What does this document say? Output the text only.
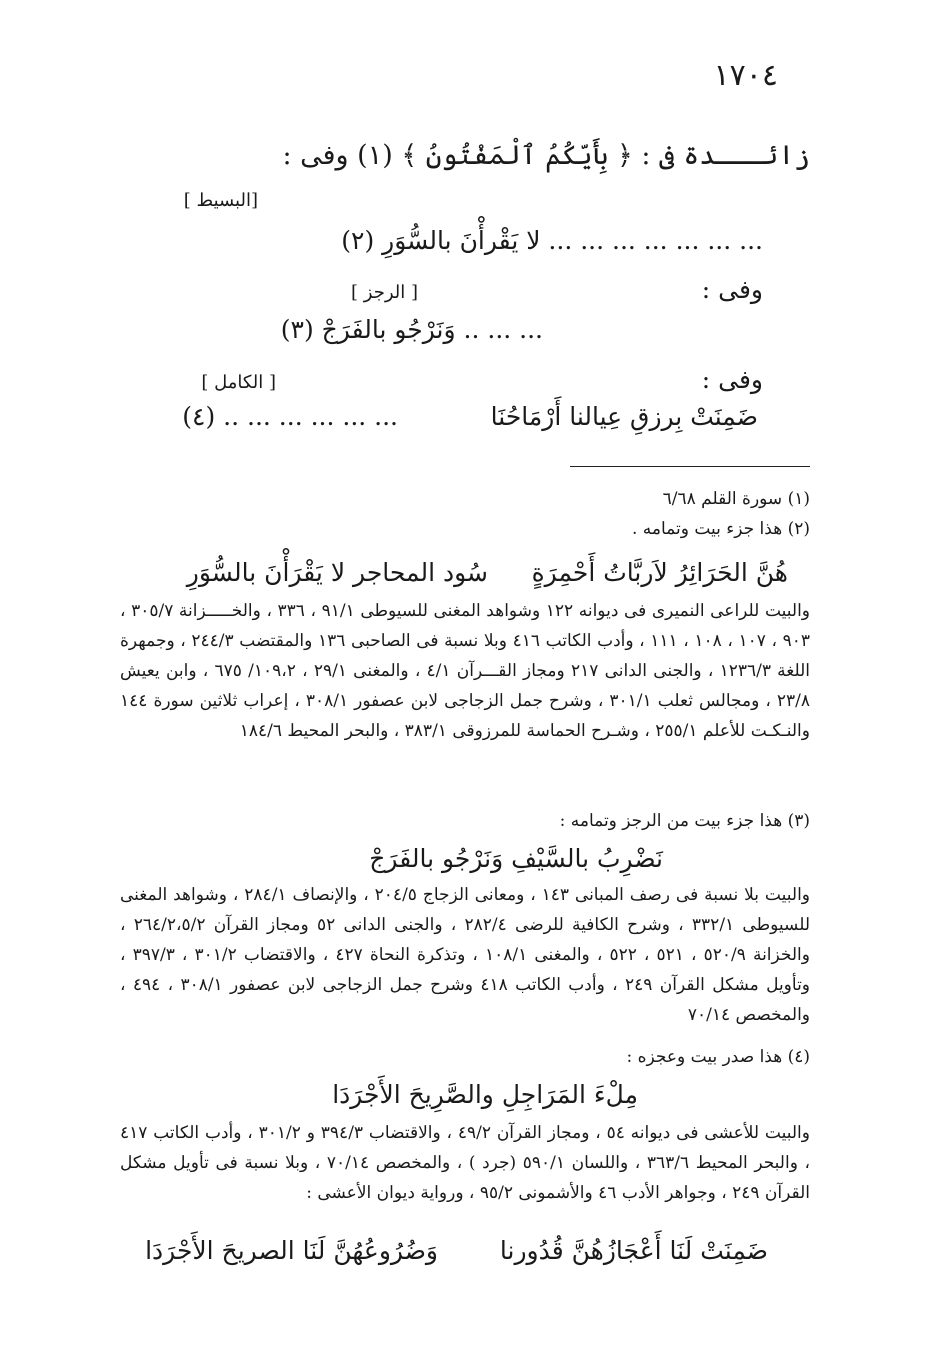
١٧٠٤
زائـــدة فى : ﴿ بِأَيّكُمُ ٱلْمَفْتُونُ ﴾ (١) وفى :
[البسيط ]
... ... ... ... ... ... ... لا يَقْرأْنَ بالسُّوَرِ (٢)
وفى :
[ الرجز ]
... ... .. وَنَرْجُو بالفَرَجْ (٣)
وفى :
[ الكامل ]
ضَمِنَتْ بِرزقِ عِيالنا أَرْمَاحُنَا
... ... ... ... ... .. (٤)
(١) سورة القلم ٦/٦٨
(٢) هذا جزء بيت وتمامه .
هُنَّ الحَرَائِرُ لاَربَّاتُ أَحْمِرَةٍ
سُود المحاجر لا يَقْرَأْنَ بالسُّوَرِ
والبيت للراعى النميرى فى ديوانه ١٢٢ وشواهد المغنى للسيوطى ٩١/١ ، ٣٣٦ ، والخـــــزانة ٣٠٥/٧ ، ٩٠٣ ، ١٠٧ ، ١٠٨ ، ١١١ ، وأدب الكاتب ٤١٦ وبلا نسبة فى الصاحبى ١٣٦ والمقتضب ٢٤٤/٣ ، وجمهرة اللغة ١٢٣٦/٣ ، والجنى الدانى ٢١٧ ومجاز القـــرآن ٤/١ ، والمغنى ٢٩/١ ، ١٠٩،٢/ ٦٧٥ ، وابن يعيش ٢٣/٨ ، ومجالس ثعلب ٣٠١/١ ، وشرح جمل الزجاجى لابن عصفور ٣٠٨/١ ، إعراب ثلاثين سورة ١٤٤ والنـكـت للأعلم ٢٥٥/١ ، وشـرح الحماسة للمرزوقى ٣٨٣/١ ، والبحر المحيط ١٨٤/٦
(٣) هذا جزء بيت من الرجز وتمامه :
نَضْرِبُ بالسَّيْفِ وَنَرْجُو بالفَرَجْ
والبيت بلا نسبة فى رصف المبانى ١٤٣ ، ومعانى الزجاج ٢٠٤/٥ ، والإنصاف ٢٨٤/١ ، وشواهد المغنى للسيوطى ٣٣٢/١ ، وشرح الكافية للرضى ٢٨٢/٤ ، والجنى الدانى ٥٢ ومجاز القرآن ٢٦٤/٢،٥/٢ ، والخزانة ٥٢٠/٩ ، ٥٢١ ، ٥٢٢ ، والمغنى ١٠٨/١ ، وتذكرة النحاة ٤٢٧ ، والاقتضاب ٣٠١/٢ ، ٣٩٧/٣ ، وتأويل مشكل القرآن ٢٤٩ ، وأدب الكاتب ٤١٨ وشرح جمل الزجاجى لابن عصفور ٣٠٨/١ ، ٤٩٤ ، والمخصص ٧٠/١٤
(٤) هذا صدر بيت وعجزه :
مِلْءَ المَرَاجِلِ والصَّرِيحَ الأَجْرَدَا
والبيت للأعشى فى ديوانه ٥٤ ، ومجاز القرآن ٤٩/٢ ، والاقتضاب ٣٩٤/٣ و ٣٠١/٢ ، وأدب الكاتب ٤١٧ ، والبحر المحيط ٣٦٣/٦ ، واللسان ٥٩٠/١ (جرد ) ، والمخصص ٧٠/١٤ ، وبلا نسبة فى تأويل مشكل القرآن ٢٤٩ ، وجواهر الأدب ٤٦ والأشمونى ٩٥/٢ ، ورواية ديوان الأعشى :
ضَمِنَتْ لَنَا أَعْجَازُهُنَّ قُدُورنا
وَضُرُوعُهُنَّ لَنَا الصريحَ الأَجْرَدَا
